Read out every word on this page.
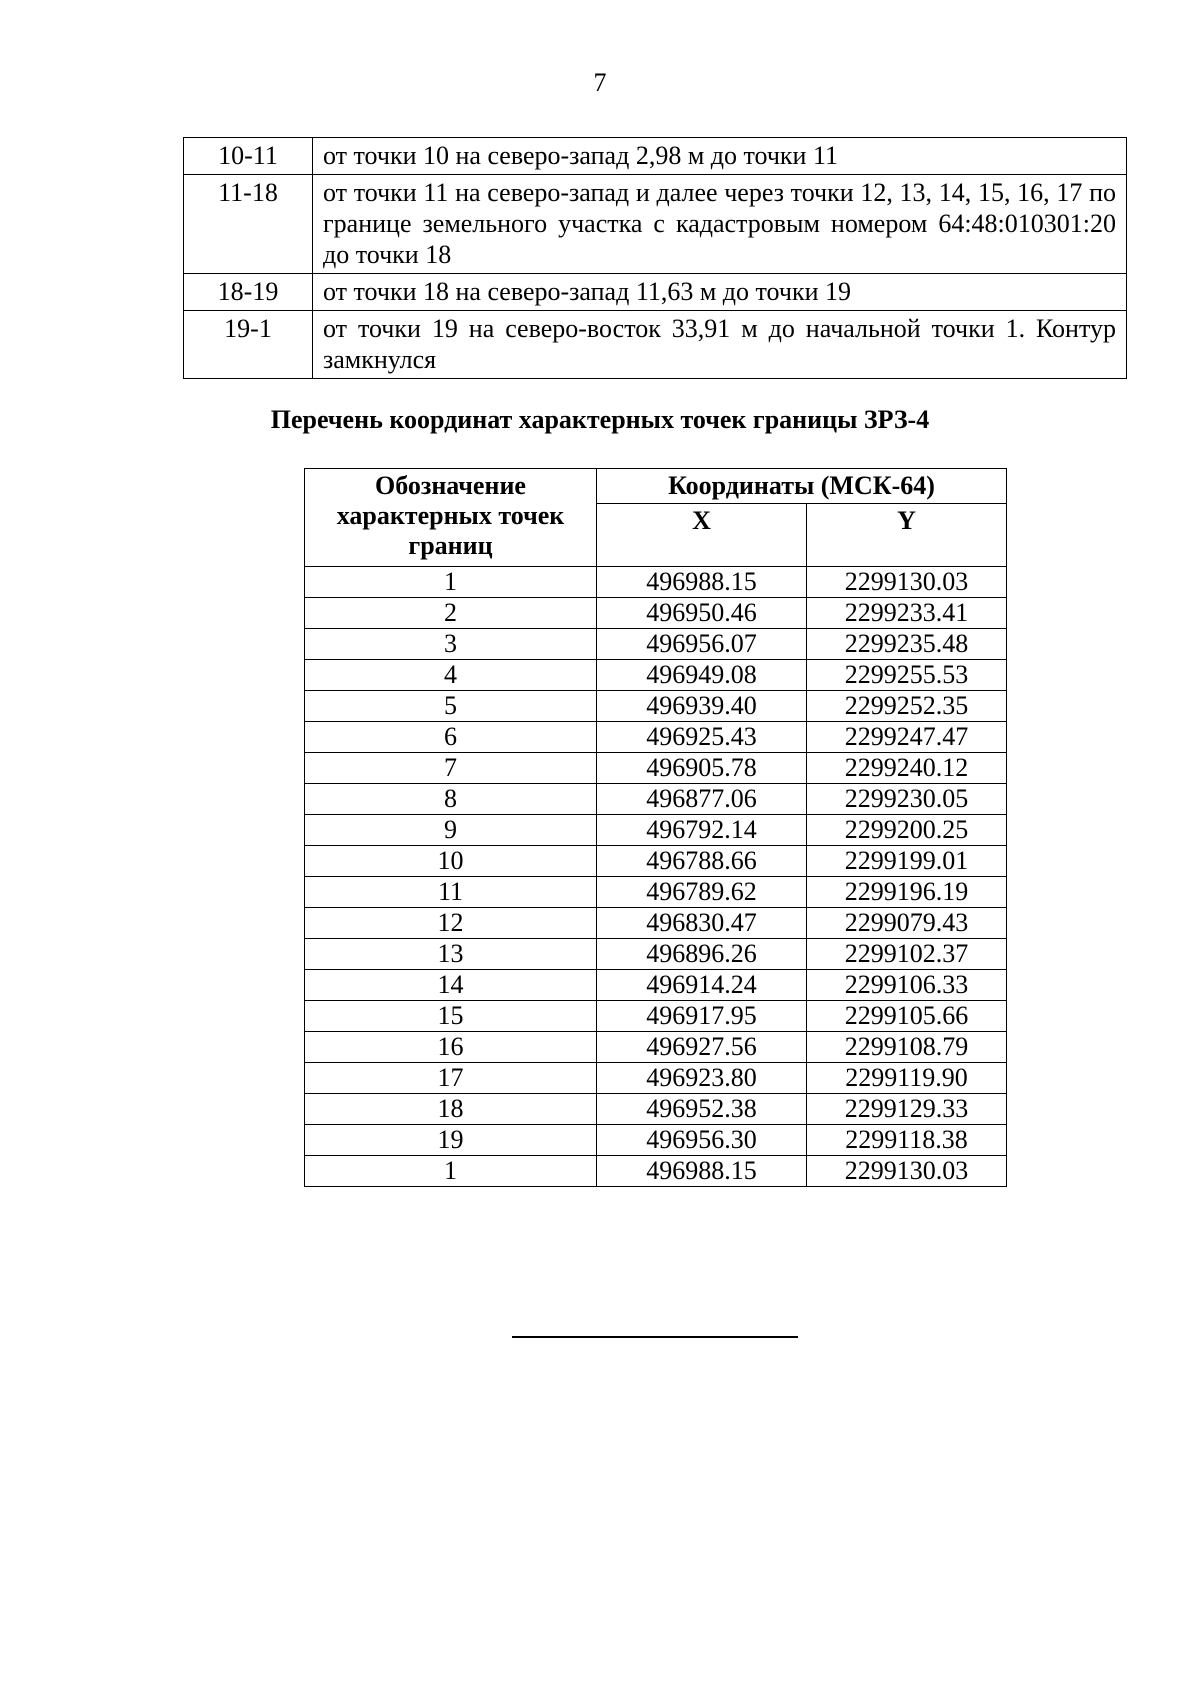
7
10-11	от точки 10 на северо-запад 2,98 м до точки 11
11-18	от точки 11 на северо-запад и далее через точки 12, 13, 14, 15, 16, 17 по границе земельного участка с кадастровым номером 64:48:010301:20 до точки 18
18-19	от точки 18 на северо-запад 11,63 м до точки 19
19-1	от точки 19 на северо-восток 33,91 м до начальной точки 1. Контур замкнулся
Перечень координат характерных точек границы ЗРЗ-4
Обозначение характерных точек границ	Координаты (МСК-64)	
	X	Y
1	496988.15	2299130.03
2	496950.46	2299233.41
3	496956.07	2299235.48
4	496949.08	2299255.53
5	496939.40	2299252.35
6	496925.43	2299247.47
7	496905.78	2299240.12
8	496877.06	2299230.05
9	496792.14	2299200.25
10	496788.66	2299199.01
11	496789.62	2299196.19
12	496830.47	2299079.43
13	496896.26	2299102.37
14	496914.24	2299106.33
15	496917.95	2299105.66
16	496927.56	2299108.79
17	496923.80	2299119.90
18	496952.38	2299129.33
19	496956.30	2299118.38
1	496988.15	2299130.03
